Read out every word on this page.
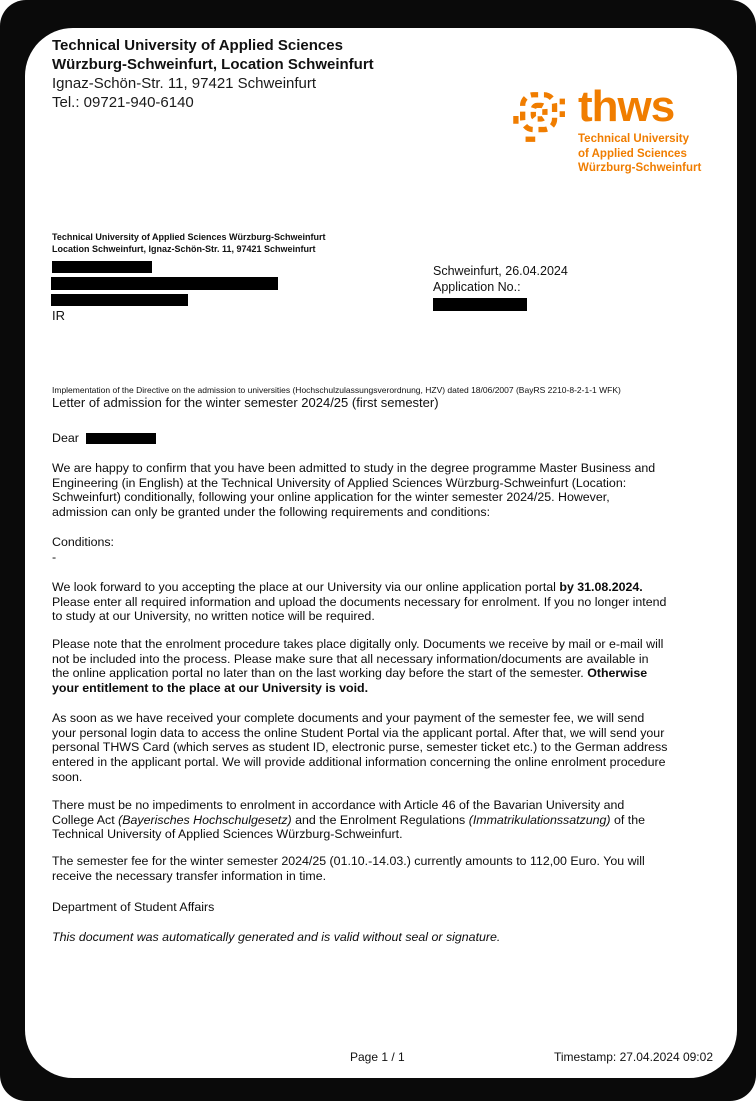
Technical University of Applied Sciences
Würzburg-Schweinfurt, Location Schweinfurt
Ignaz-Schön-Str. 11, 97421 Schweinfurt
Tel.: 09721-940-6140	thws
Technical University
of Applied Sciences
Würzburg-Schweinfurt
Technical University of Applied Sciences Würzburg-Schweinfurt
Location Schweinfurt, Ignaz-Schön-Str. 11, 97421 Schweinfurt
IR
Schweinfurt, 26.04.2024
Application No.:
Implementation of the Directive on the admission to universities (Hochschulzulassungsverordnung, HZV) dated 18/06/2007 (BayRS 2210-8-2-1-1 WFK)
Letter of admission for the winter semester 2024/25 (first semester)
Dear
We are happy to confirm that you have been admitted to study in the degree programme Master Business and Engineering (in English) at the Technical University of Applied Sciences Würzburg-Schweinfurt (Location: Schweinfurt) conditionally, following your online application for the winter semester 2024/25. However, admission can only be granted under the following requirements and conditions:
Conditions:
-
We look forward to you accepting the place at our University via our online application portal by 31.08.2024. Please enter all required information and upload the documents necessary for enrolment. If you no longer intend to study at our University, no written notice will be required.
Please note that the enrolment procedure takes place digitally only. Documents we receive by mail or e-mail will not be included into the process. Please make sure that all necessary information/documents are available in the online application portal no later than on the last working day before the start of the semester. Otherwise your entitlement to the place at our University is void.
As soon as we have received your complete documents and your payment of the semester fee, we will send your personal login data to access the online Student Portal via the applicant portal. After that, we will send your personal THWS Card (which serves as student ID, electronic purse, semester ticket etc.) to the German address entered in the applicant portal. We will provide additional information concerning the online enrolment procedure soon.
There must be no impediments to enrolment in accordance with Article 46 of the Bavarian University and College Act (Bayerisches Hochschulgesetz) and the Enrolment Regulations (Immatrikulationssatzung) of the Technical University of Applied Sciences Würzburg-Schweinfurt.
The semester fee for the winter semester 2024/25 (01.10.-14.03.) currently amounts to 112,00 Euro. You will receive the necessary transfer information in time.
Department of Student Affairs
This document was automatically generated and is valid without seal or signature.
Page 1 / 1	Timestamp: 27.04.2024 09:02
